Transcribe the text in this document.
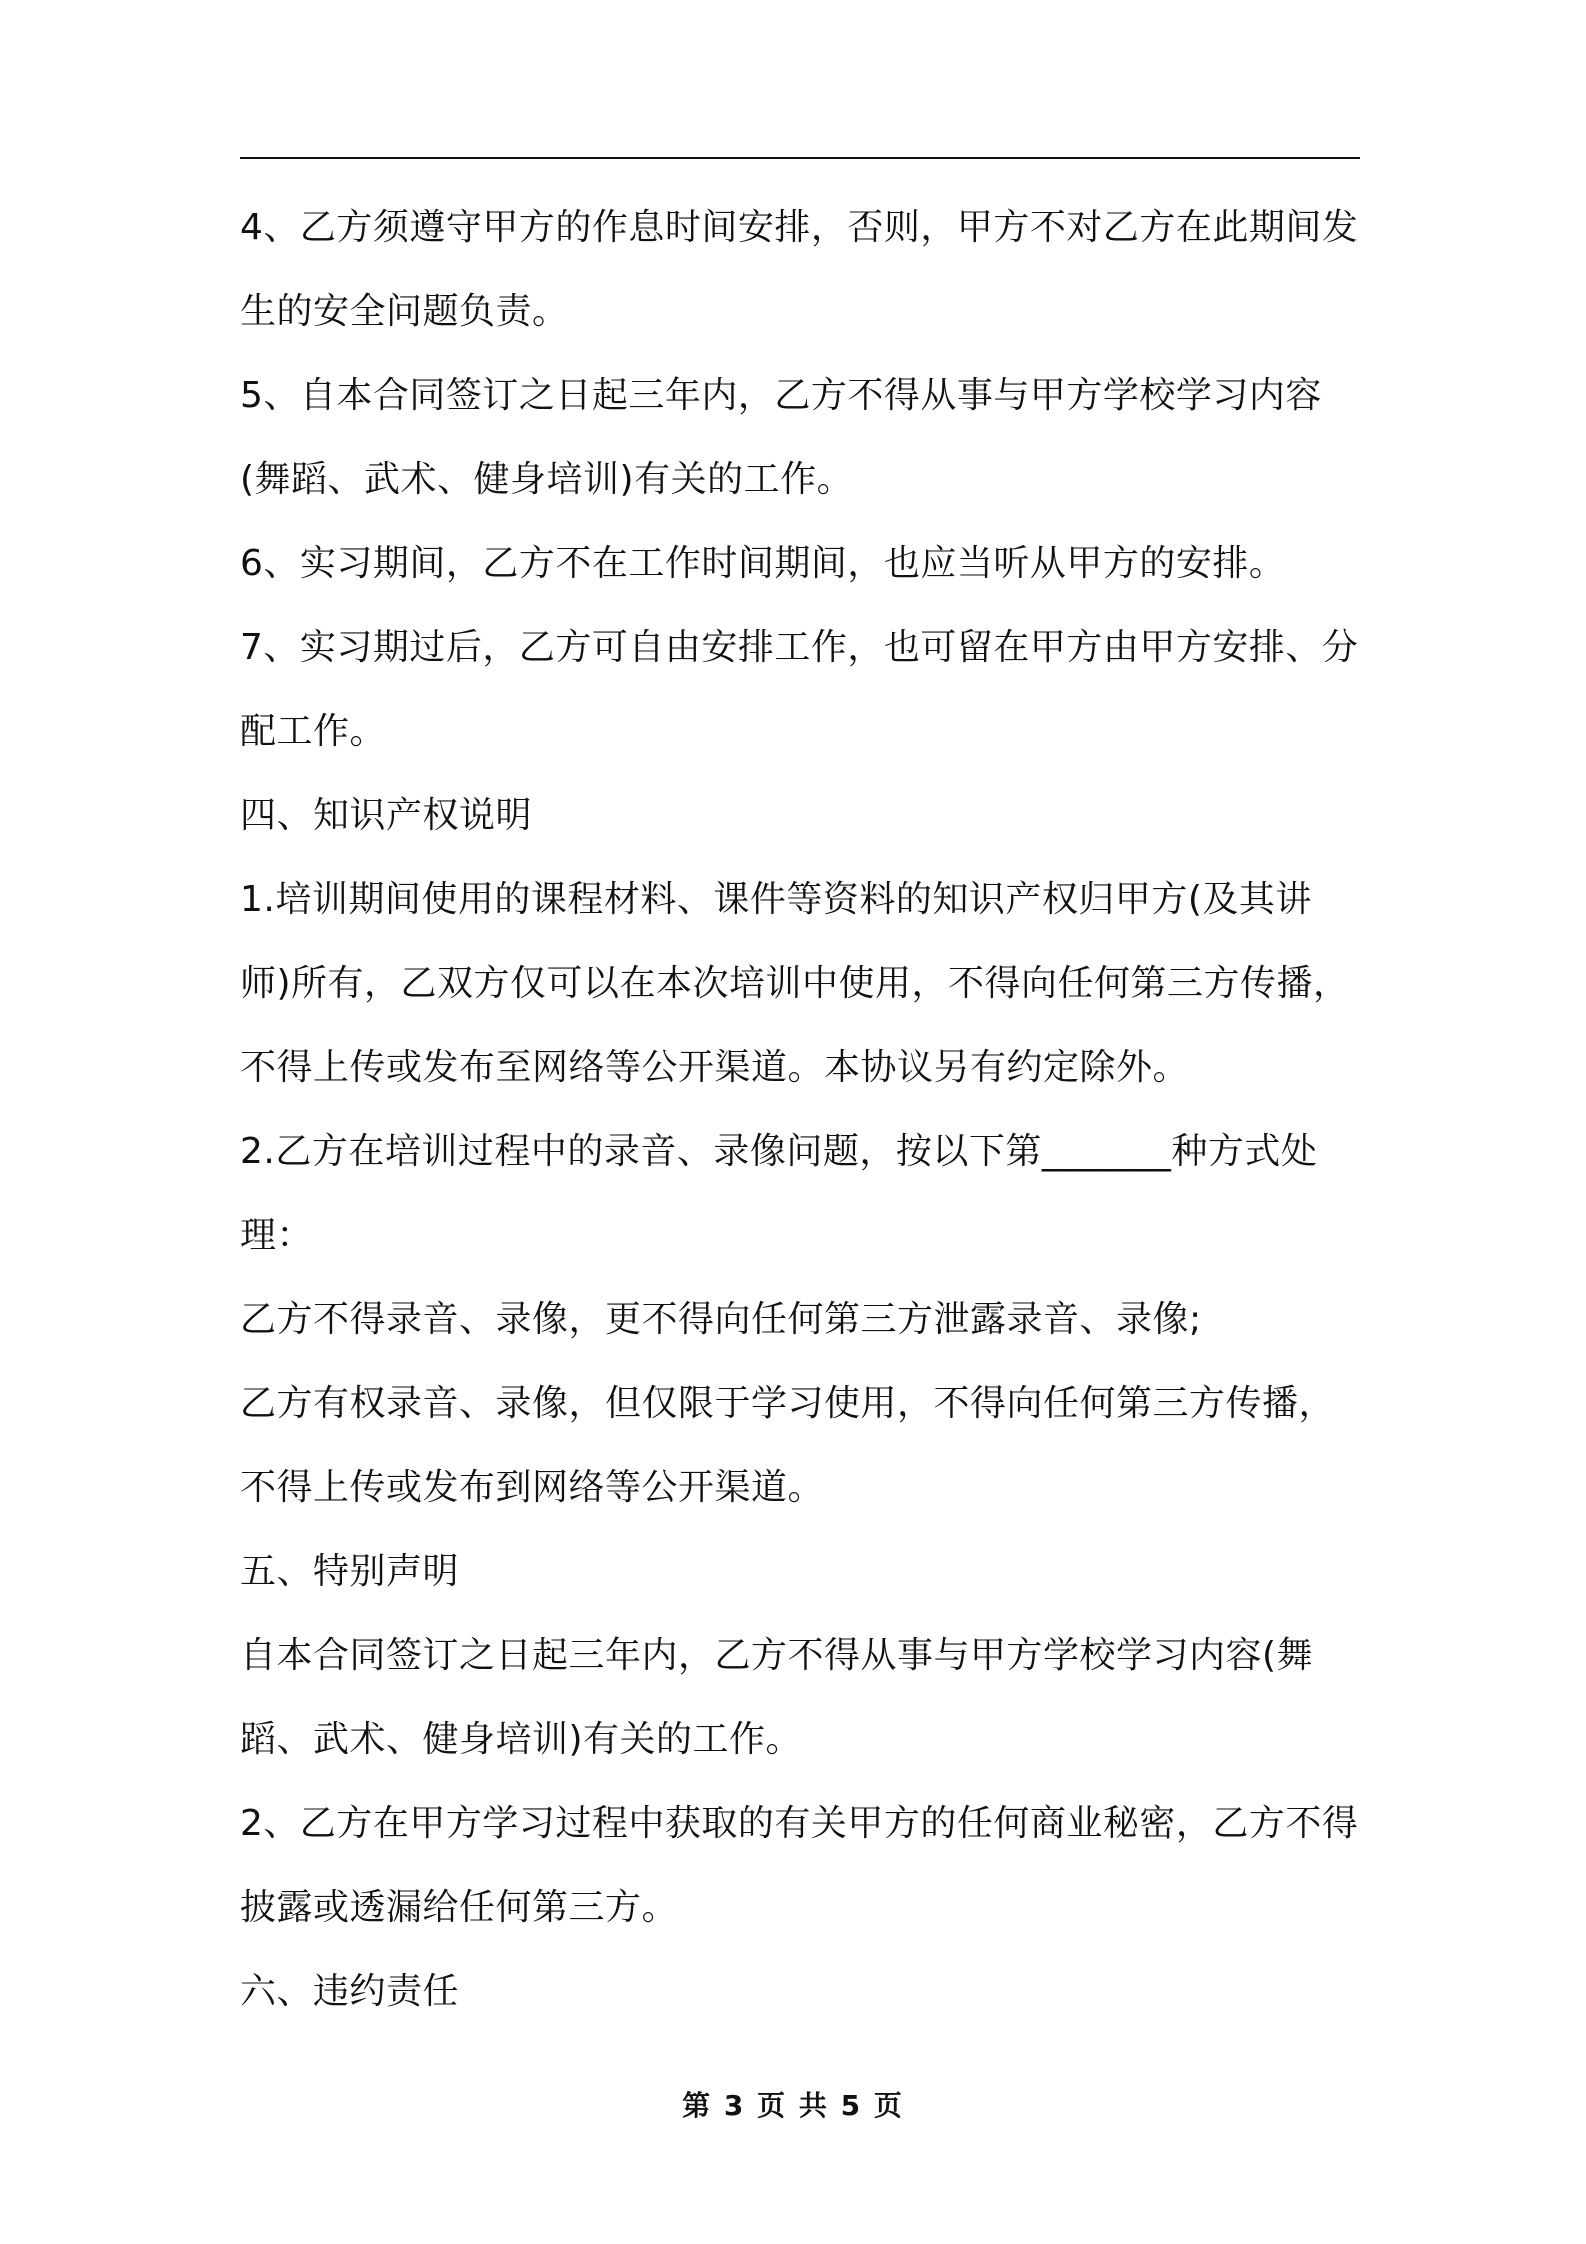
4、乙方须遵守甲方的作息时间安排，否则，甲方不对乙方在此期间发生的安全问题负责。

5、自本合同签订之日起三年内，乙方不得从事与甲方学校学习内容(舞蹈、武术、健身培训)有关的工作。

6、实习期间，乙方不在工作时间期间，也应当听从甲方的安排。

7、实习期过后，乙方可自由安排工作，也可留在甲方由甲方安排、分配工作。

四、知识产权说明

1.培训期间使用的课程材料、课件等资料的知识产权归甲方(及其讲师)所有，乙双方仅可以在本次培训中使用，不得向任何第三方传播，不得上传或发布至网络等公开渠道。本协议另有约定除外。

2.乙方在培训过程中的录音、录像问题，按以下第_______种方式处理：

乙方不得录音、录像，更不得向任何第三方泄露录音、录像;

乙方有权录音、录像，但仅限于学习使用，不得向任何第三方传播，不得上传或发布到网络等公开渠道。

五、特别声明

自本合同签订之日起三年内，乙方不得从事与甲方学校学习内容(舞蹈、武术、健身培训)有关的工作。

2、乙方在甲方学习过程中获取的有关甲方的任何商业秘密，乙方不得披露或透漏给任何第三方。

六、违约责任

第 3 页 共 5 页
